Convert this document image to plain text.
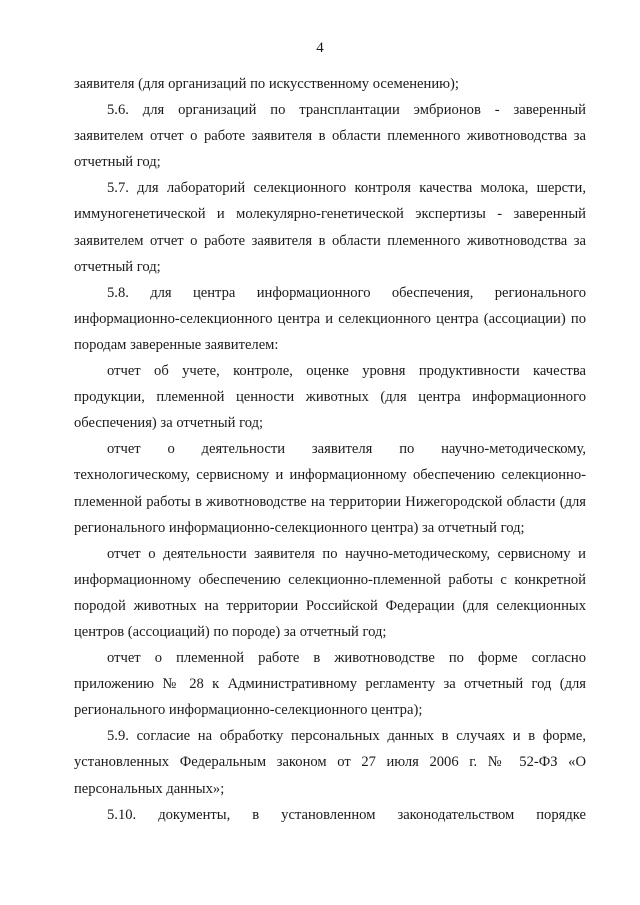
4

заявителя (для организаций по искусственному осеменению);

5.6. для организаций по трансплантации эмбрионов - заверенный заявителем отчет о работе заявителя в области племенного животноводства за отчетный год;

5.7. для лабораторий селекционного контроля качества молока, шерсти, иммуногенетической и молекулярно-генетической экспертизы - заверенный заявителем отчет о работе заявителя в области племенного животноводства за отчетный год;

5.8. для центра информационного обеспечения, регионального информационно-селекционного центра и селекционного центра (ассоциации) по породам заверенные заявителем:

отчет об учете, контроле, оценке уровня продуктивности качества продукции, племенной ценности животных (для центра информационного обеспечения) за отчетный год;

отчет о деятельности заявителя по научно-методическому, технологическому, сервисному и информационному обеспечению селекционно-племенной работы в животноводстве на территории Нижегородской области (для регионального информационно-селекционного центра) за отчетный год;

отчет о деятельности заявителя по научно-методическому, сервисному и информационному обеспечению селекционно-племенной работы с конкретной породой животных на территории Российской Федерации (для селекционных центров (ассоциаций) по породе) за отчетный год;

отчет о племенной работе в животноводстве по форме согласно приложению № 28 к Административному регламенту за отчетный год (для регионального информационно-селекционного центра);

5.9. согласие на обработку персональных данных в случаях и в форме, установленных Федеральным законом от 27 июля 2006 г. № 52-ФЗ «О персональных данных»;

5.10. документы, в установленном законодательством порядке
